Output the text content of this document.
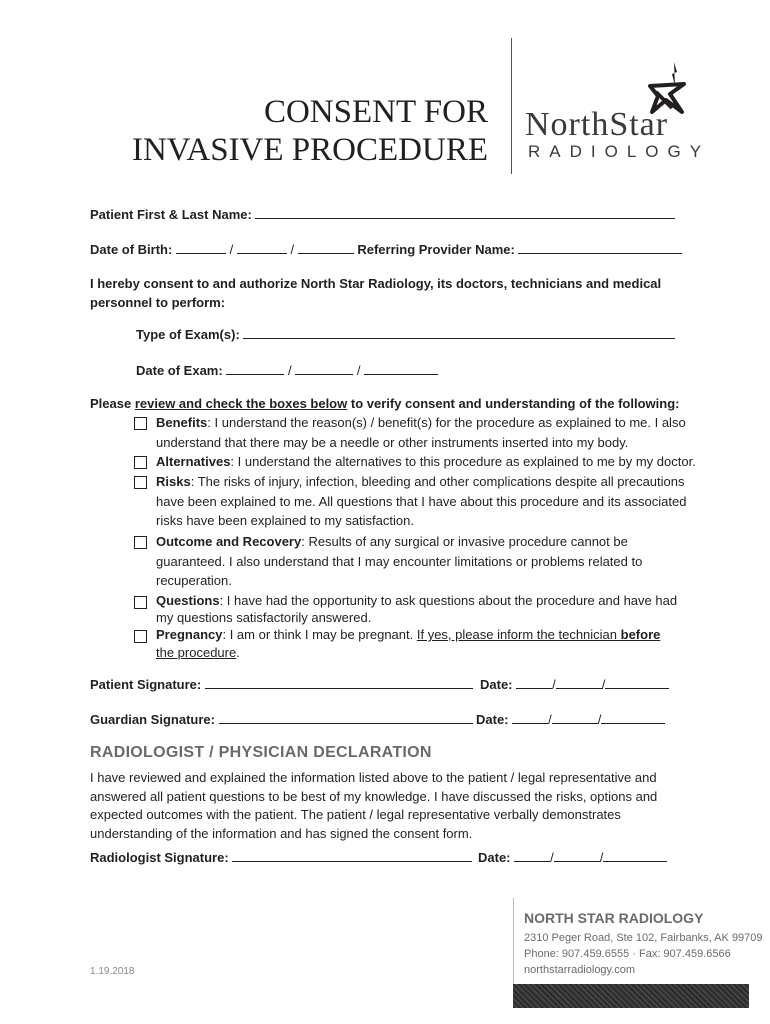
CONSENT FOR
INVASIVE PROCEDURE
NorthStar
RADIOLOGY
Patient First & Last Name:
Date of Birth:	/	/	Referring Provider Name:
I hereby consent to and authorize North Star Radiology, its doctors, technicians and medical personnel to perform:
Type of Exam(s):
Date of Exam:	/	/
Please review and check the boxes below to verify consent and understanding of the following:
Benefits: I understand the reason(s) / benefit(s) for the procedure as explained to me. I also understand that there may be a needle or other instruments inserted into my body.
Alternatives: I understand the alternatives to this procedure as explained to me by my doctor.
Risks: The risks of injury, infection, bleeding and other complications despite all precautions have been explained to me. All questions that I have about this procedure and its associated risks have been explained to my satisfaction.
Outcome and Recovery: Results of any surgical or invasive procedure cannot be guaranteed. I also understand that I may encounter limitations or problems related to recuperation.
Questions: I have had the opportunity to ask questions about the procedure and have had my questions satisfactorily answered.
Pregnancy: I am or think I may be pregnant. If yes, please inform the technician before
the procedure.
Patient Signature:	Date:	/	/
Guardian Signature:	Date:	/	/
RADIOLOGIST / PHYSICIAN DECLARATION
I have reviewed and explained the information listed above to the patient / legal representative and answered all patient questions to be best of my knowledge. I have discussed the risks, options and expected outcomes with the patient. The patient / legal representative verbally demonstrates understanding of the information and has signed the consent form.
Radiologist Signature:	Date:	/	/
NORTH STAR RADIOLOGY
2310 Peger Road, Ste 102, Fairbanks, AK 99709
Phone: 907.459.6555 · Fax: 907.459.6566
northstarradiology.com
1.19.2018
